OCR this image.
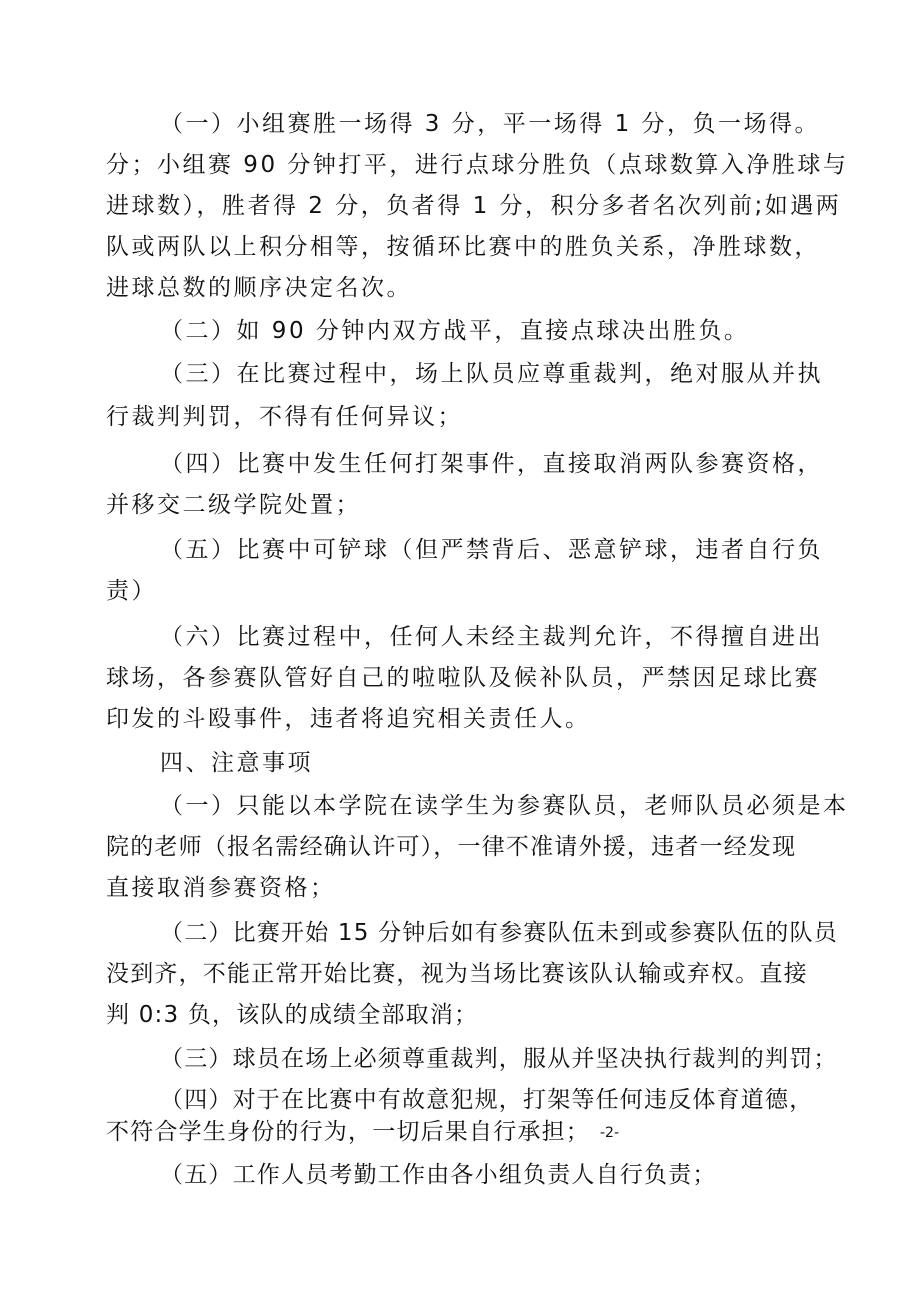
（一）小组赛胜一场得 3 分，平一场得 1 分，负一场得。
分；小组赛 90 分钟打平，进行点球分胜负（点球数算入净胜球与
进球数），胜者得 2 分，负者得 1 分，积分多者名次列前;如遇两
队或两队以上积分相等，按循环比赛中的胜负关系，净胜球数，
进球总数的顺序决定名次。
（二）如 90 分钟内双方战平，直接点球决出胜负。
（三）在比赛过程中，场上队员应尊重裁判，绝对服从并执
行裁判判罚，不得有任何异议；
（四）比赛中发生任何打架事件，直接取消两队参赛资格，
并移交二级学院处置；
（五）比赛中可铲球（但严禁背后、恶意铲球，违者自行负
责）
（六）比赛过程中，任何人未经主裁判允许，不得擅自进出
球场，各参赛队管好自己的啦啦队及候补队员，严禁因足球比赛
印发的斗殴事件，违者将追究相关责任人。
四、注意事项
（一）只能以本学院在读学生为参赛队员，老师队员必须是本
院的老师（报名需经确认许可），一律不准请外援，违者一经发现
直接取消参赛资格；
（二）比赛开始 15 分钟后如有参赛队伍未到或参赛队伍的队员
没到齐，不能正常开始比赛，视为当场比赛该队认输或弃权。直接
判 0:3 负，该队的成绩全部取消；
（三）球员在场上必须尊重裁判，服从并坚决执行裁判的判罚；
（四）对于在比赛中有故意犯规，打架等任何违反体育道德，
不符合学生身份的行为，一切后果自行承担； -2-
（五）工作人员考勤工作由各小组负责人自行负责；
